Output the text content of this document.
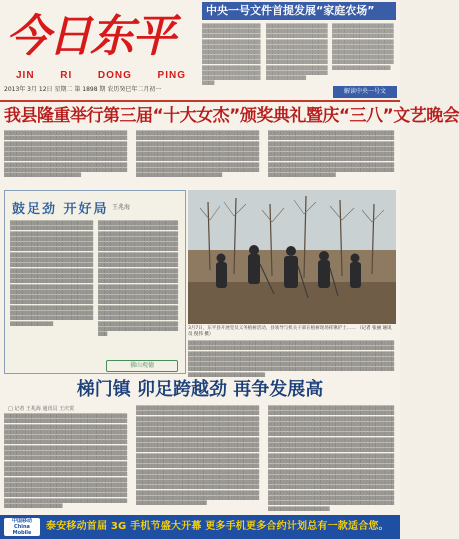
今日东平
JIN	RI	DONG	PING
2013年 3月 12日 星期二 第 1898 期 农历癸巳年二月初一
中央一号文件首提发展“家庭农场”
▒▒▒▒▒▒▒▒▒▒▒▒▒▒▒▒▒▒▒▒▒▒▒▒▒▒▒▒▒▒▒▒▒▒▒▒▒▒▒▒▒▒▒▒▒▒▒▒▒▒▒▒▒▒▒▒▒▒▒▒▒▒▒▒▒▒▒▒▒▒▒▒▒▒▒▒▒▒▒▒▒▒▒▒▒▒▒▒▒▒▒▒▒▒▒▒▒▒▒▒▒▒▒▒▒▒▒▒▒▒▒▒▒▒▒▒▒▒▒▒▒▒▒▒▒▒▒▒▒▒▒▒▒▒▒▒▒▒▒▒▒▒▒▒▒▒▒▒▒▒▒▒▒▒▒▒▒▒▒▒▒▒▒▒▒▒▒▒▒▒▒▒▒▒▒▒▒▒▒▒▒▒▒▒▒▒▒▒▒▒▒▒▒▒▒▒▒▒▒▒▒▒▒▒▒▒▒▒▒▒▒▒▒
▒▒▒▒▒▒▒▒▒▒▒▒▒▒▒▒▒▒▒▒▒▒▒▒▒▒▒▒▒▒▒▒▒▒▒▒▒▒▒▒▒▒▒▒▒▒▒▒▒▒▒▒▒▒▒▒▒▒▒▒▒▒▒▒▒▒▒▒▒▒▒▒▒▒▒▒▒▒▒▒▒▒▒▒▒▒▒▒▒▒▒▒▒▒▒▒▒▒▒▒▒▒▒▒▒▒▒▒▒▒▒▒▒▒▒▒▒▒▒▒▒▒▒▒▒▒▒▒▒▒▒▒▒▒▒▒▒▒▒▒▒▒▒▒▒▒▒▒▒▒▒▒▒▒▒▒▒▒▒▒▒▒▒▒▒▒▒▒▒▒▒▒▒▒▒▒▒▒▒▒▒▒▒▒▒▒▒▒▒▒▒▒▒▒▒▒▒▒▒▒▒▒▒▒▒▒▒▒▒▒▒▒▒
▒▒▒▒▒▒▒▒▒▒▒▒▒▒▒▒▒▒▒▒▒▒▒▒▒▒▒▒▒▒▒▒▒▒▒▒▒▒▒▒▒▒▒▒▒▒▒▒▒▒▒▒▒▒▒▒▒▒▒▒▒▒▒▒▒▒▒▒▒▒▒▒▒▒▒▒▒▒▒▒▒▒▒▒▒▒▒▒▒▒▒▒▒▒▒▒▒▒▒▒▒▒▒▒▒▒▒▒▒▒▒▒▒▒▒▒▒▒▒▒▒▒▒▒▒▒▒▒▒▒▒▒▒▒▒▒▒▒▒▒▒▒▒▒▒▒▒▒▒▒▒▒▒▒▒▒▒▒▒▒▒▒▒▒▒▒▒▒▒▒▒▒▒▒▒▒▒▒▒
解读中央一号文
我县隆重举行第三届“十大女杰”颁奖典礼暨庆“三八”文艺晚会
▒▒▒▒▒▒▒▒▒▒▒▒▒▒▒▒▒▒▒▒▒▒▒▒▒▒▒▒▒▒▒▒▒▒▒▒▒▒▒▒▒▒▒▒▒▒▒▒▒▒▒▒▒▒▒▒▒▒▒▒▒▒▒▒▒▒▒▒▒▒▒▒▒▒▒▒▒▒▒▒▒▒▒▒▒▒▒▒▒▒▒▒▒▒▒▒▒▒▒▒▒▒▒▒▒▒▒▒▒▒▒▒▒▒▒▒▒▒▒▒▒▒▒▒▒▒▒▒▒▒▒▒▒▒▒▒▒▒▒▒▒▒▒▒▒▒▒▒▒▒▒▒▒▒▒▒▒▒▒▒▒▒▒▒▒▒▒▒▒▒▒▒▒▒▒▒▒▒▒▒▒▒▒▒▒▒▒▒▒▒▒▒▒▒▒▒▒▒▒▒▒▒▒▒▒▒▒▒▒▒▒▒▒▒▒▒▒▒▒▒▒▒▒▒▒▒▒▒▒▒▒▒▒▒▒▒▒▒▒▒▒▒▒▒▒▒▒▒▒▒▒▒▒▒▒▒▒▒▒▒▒▒▒▒▒▒▒▒▒▒▒▒▒▒▒▒▒▒▒▒▒▒▒▒▒▒▒▒▒▒▒▒▒▒▒▒▒▒▒▒▒▒▒▒▒▒▒▒▒▒▒▒▒▒▒▒▒▒▒▒▒▒▒▒▒▒▒▒▒▒▒▒▒▒▒▒▒▒▒▒▒▒▒▒▒
▒▒▒▒▒▒▒▒▒▒▒▒▒▒▒▒▒▒▒▒▒▒▒▒▒▒▒▒▒▒▒▒▒▒▒▒▒▒▒▒▒▒▒▒▒▒▒▒▒▒▒▒▒▒▒▒▒▒▒▒▒▒▒▒▒▒▒▒▒▒▒▒▒▒▒▒▒▒▒▒▒▒▒▒▒▒▒▒▒▒▒▒▒▒▒▒▒▒▒▒▒▒▒▒▒▒▒▒▒▒▒▒▒▒▒▒▒▒▒▒▒▒▒▒▒▒▒▒▒▒▒▒▒▒▒▒▒▒▒▒▒▒▒▒▒▒▒▒▒▒▒▒▒▒▒▒▒▒▒▒▒▒▒▒▒▒▒▒▒▒▒▒▒▒▒▒▒▒▒▒▒▒▒▒▒▒▒▒▒▒▒▒▒▒▒▒▒▒▒▒▒▒▒▒▒▒▒▒▒▒▒▒▒▒▒▒▒▒▒▒▒▒▒▒▒▒▒▒▒▒▒▒▒▒▒▒▒▒▒▒▒▒▒▒▒▒▒▒▒▒▒▒▒▒▒▒▒▒▒▒▒▒▒▒▒▒▒▒▒▒▒▒▒▒▒▒▒▒▒▒▒▒▒▒▒▒▒▒▒▒▒▒▒▒▒▒▒▒▒▒▒▒▒▒▒▒▒▒▒▒▒▒▒▒▒▒▒▒▒▒▒▒▒▒▒▒▒▒▒▒▒▒▒▒▒▒▒▒▒▒▒▒▒▒▒▒▒▒
▒▒▒▒▒▒▒▒▒▒▒▒▒▒▒▒▒▒▒▒▒▒▒▒▒▒▒▒▒▒▒▒▒▒▒▒▒▒▒▒▒▒▒▒▒▒▒▒▒▒▒▒▒▒▒▒▒▒▒▒▒▒▒▒▒▒▒▒▒▒▒▒▒▒▒▒▒▒▒▒▒▒▒▒▒▒▒▒▒▒▒▒▒▒▒▒▒▒▒▒▒▒▒▒▒▒▒▒▒▒▒▒▒▒▒▒▒▒▒▒▒▒▒▒▒▒▒▒▒▒▒▒▒▒▒▒▒▒▒▒▒▒▒▒▒▒▒▒▒▒▒▒▒▒▒▒▒▒▒▒▒▒▒▒▒▒▒▒▒▒▒▒▒▒▒▒▒▒▒▒▒▒▒▒▒▒▒▒▒▒▒▒▒▒▒▒▒▒▒▒▒▒▒▒▒▒▒▒▒▒▒▒▒▒▒▒▒▒▒▒▒▒▒▒▒▒▒▒▒▒▒▒▒▒▒▒▒▒▒▒▒▒▒▒▒▒▒▒▒▒▒▒▒▒▒▒▒▒▒▒▒▒▒▒▒▒▒▒▒▒▒▒▒▒▒▒▒▒▒▒▒▒▒▒▒▒▒▒▒▒▒▒▒▒▒▒▒▒▒▒▒▒▒▒▒▒▒▒▒▒▒▒▒▒▒▒▒▒▒▒▒▒▒▒▒▒▒▒▒▒▒▒▒▒▒▒▒▒▒▒▒▒▒▒▒▒▒▒▒▒
鼓足劲 开好局 王兆海
▒▒▒▒▒▒▒▒▒▒▒▒▒▒▒▒▒▒▒▒▒▒▒▒▒▒▒▒▒▒▒▒▒▒▒▒▒▒▒▒▒▒▒▒▒▒▒▒▒▒▒▒▒▒▒▒▒▒▒▒▒▒▒▒▒▒▒▒▒▒▒▒▒▒▒▒▒▒▒▒▒▒▒▒▒▒▒▒▒▒▒▒▒▒▒▒▒▒▒▒▒▒▒▒▒▒▒▒▒▒▒▒▒▒▒▒▒▒▒▒▒▒▒▒▒▒▒▒▒▒▒▒▒▒▒▒▒▒▒▒▒▒▒▒▒▒▒▒▒▒▒▒▒▒▒▒▒▒▒▒▒▒▒▒▒▒▒▒▒▒▒▒▒▒▒▒▒▒▒▒▒▒▒▒▒▒▒▒▒▒▒▒▒▒▒▒▒▒▒▒▒▒▒▒▒▒▒▒▒▒▒▒▒▒▒▒▒▒▒▒▒▒▒▒▒▒▒▒▒▒▒▒▒▒▒▒▒▒▒▒▒▒▒▒▒▒▒▒▒▒▒▒▒▒▒▒▒▒▒▒▒▒▒▒▒▒▒▒▒▒▒▒▒▒▒▒▒▒▒▒▒▒▒▒▒▒▒▒▒▒▒▒▒▒▒▒▒▒▒▒▒▒▒▒▒▒▒▒▒▒▒▒▒▒▒▒▒▒▒▒▒▒▒▒▒▒▒▒▒▒▒▒▒▒▒▒▒▒▒▒▒▒▒▒▒▒▒▒▒▒▒▒▒▒▒▒▒▒▒▒▒▒▒▒▒▒▒▒▒▒▒▒▒▒▒▒▒▒▒▒▒▒▒▒▒▒▒▒▒▒▒▒▒▒▒▒▒▒▒▒▒▒▒▒▒▒▒▒▒▒▒▒▒▒▒▒▒▒▒▒▒▒▒▒▒▒▒▒▒▒▒▒▒▒▒▒▒▒▒▒▒▒▒▒▒▒▒▒▒▒▒▒▒▒▒▒▒▒▒▒▒▒▒▒▒▒▒▒▒▒▒▒▒▒▒▒▒▒▒▒▒▒▒▒▒▒▒▒▒▒▒▒▒▒▒▒▒▒▒▒▒▒▒▒▒▒▒▒▒▒▒▒▒▒▒▒▒▒▒▒▒▒▒▒▒▒▒
▒▒▒▒▒▒▒▒▒▒▒▒▒▒▒▒▒▒▒▒▒▒▒▒▒▒▒▒▒▒▒▒▒▒▒▒▒▒▒▒▒▒▒▒▒▒▒▒▒▒▒▒▒▒▒▒▒▒▒▒▒▒▒▒▒▒▒▒▒▒▒▒▒▒▒▒▒▒▒▒▒▒▒▒▒▒▒▒▒▒▒▒▒▒▒▒▒▒▒▒▒▒▒▒▒▒▒▒▒▒▒▒▒▒▒▒▒▒▒▒▒▒▒▒▒▒▒▒▒▒▒▒▒▒▒▒▒▒▒▒▒▒▒▒▒▒▒▒▒▒▒▒▒▒▒▒▒▒▒▒▒▒▒▒▒▒▒▒▒▒▒▒▒▒▒▒▒▒▒▒▒▒▒▒▒▒▒▒▒▒▒▒▒▒▒▒▒▒▒▒▒▒▒▒▒▒▒▒▒▒▒▒▒▒▒▒▒▒▒▒▒▒▒▒▒▒▒▒▒▒▒▒▒▒▒▒▒▒▒▒▒▒▒▒▒▒▒▒▒▒▒▒▒▒▒▒▒▒▒▒▒▒▒▒▒▒▒▒▒▒▒▒▒▒▒▒▒▒▒▒▒▒▒▒▒▒▒▒▒▒▒▒▒▒▒▒▒▒▒▒▒▒▒▒▒▒▒▒▒▒▒▒▒▒▒▒▒▒▒▒▒▒▒▒▒▒▒▒▒▒▒▒▒▒▒▒▒▒▒▒▒▒▒▒▒▒▒▒▒▒▒▒▒▒▒▒▒▒▒▒▒▒▒▒▒▒▒▒▒▒▒▒▒▒▒▒▒▒▒▒▒▒▒▒▒▒▒▒▒▒▒▒▒▒▒▒▒▒▒▒▒▒▒▒▒▒▒▒▒▒▒▒▒▒▒▒▒▒▒▒▒▒▒▒▒▒▒▒▒▒▒▒▒▒▒▒▒▒▒▒▒▒▒▒▒▒▒▒▒▒▒▒▒▒▒▒▒▒▒▒▒▒▒▒▒▒▒▒▒▒▒▒▒▒▒▒▒▒▒▒▒▒▒▒▒▒▒▒▒▒▒▒▒▒▒▒▒▒▒▒▒▒▒▒▒▒▒▒▒▒▒▒▒▒▒▒▒▒▒▒▒▒▒▒▒▒▒▒▒▒▒▒▒▒▒▒▒▒▒▒▒▒▒▒▒▒▒▒▒
佛山观德
3月7日，东平县开展党员义务植树活动，县领导与机关干部在植树现场挥锹铲土…… （记者 张丽 通讯员 倪伟 摄）
▒▒▒▒▒▒▒▒▒▒▒▒▒▒▒▒▒▒▒▒▒▒▒▒▒▒▒▒▒▒▒▒▒▒▒▒▒▒▒▒▒▒▒▒▒▒▒▒▒▒▒▒▒▒▒▒▒▒▒▒▒▒▒▒▒▒▒▒▒▒▒▒▒▒▒▒▒▒▒▒▒▒▒▒▒▒▒▒▒▒▒▒▒▒▒▒▒▒▒▒▒▒▒▒▒▒▒▒▒▒▒▒▒▒▒▒▒▒▒▒▒▒▒▒▒▒▒▒▒▒▒▒▒▒▒▒▒▒▒▒▒▒▒▒▒▒▒▒▒▒▒▒▒▒▒▒▒▒▒▒▒▒▒▒▒▒▒▒▒▒▒▒▒▒▒▒▒▒▒▒▒▒▒▒▒▒▒▒▒▒▒▒▒▒▒▒▒▒▒▒▒▒▒▒▒▒▒▒▒▒▒▒▒▒▒▒▒▒▒▒▒▒▒▒▒▒▒▒▒▒▒▒▒▒▒▒▒▒▒▒▒▒▒▒▒▒▒▒▒▒▒▒▒▒▒▒▒▒▒▒▒▒▒▒▒▒▒▒▒▒▒▒▒▒▒▒▒▒▒▒▒▒▒▒▒▒▒▒▒▒▒▒▒▒▒▒▒▒▒▒▒▒▒▒▒▒▒▒▒▒▒▒▒▒▒▒▒▒▒▒▒▒▒▒▒▒▒▒▒▒▒▒▒▒▒▒▒▒▒▒▒▒▒▒▒▒▒▒▒▒▒▒▒▒▒▒▒▒▒▒▒▒▒▒▒▒▒▒▒▒▒▒▒▒▒▒▒▒▒▒▒▒▒▒▒▒▒▒▒▒▒▒▒▒▒▒▒▒▒▒▒▒▒▒▒▒▒▒▒▒▒▒▒▒▒▒▒▒▒▒▒▒▒▒▒▒▒
梯门镇 卯足跨越劲 再争发展高
□ 记者 王兆海 通讯员 王庆贺
▒▒▒▒▒▒▒▒▒▒▒▒▒▒▒▒▒▒▒▒▒▒▒▒▒▒▒▒▒▒▒▒▒▒▒▒▒▒▒▒▒▒▒▒▒▒▒▒▒▒▒▒▒▒▒▒▒▒▒▒▒▒▒▒▒▒▒▒▒▒▒▒▒▒▒▒▒▒▒▒▒▒▒▒▒▒▒▒▒▒▒▒▒▒▒▒▒▒▒▒▒▒▒▒▒▒▒▒▒▒▒▒▒▒▒▒▒▒▒▒▒▒▒▒▒▒▒▒▒▒▒▒▒▒▒▒▒▒▒▒▒▒▒▒▒▒▒▒▒▒▒▒▒▒▒▒▒▒▒▒▒▒▒▒▒▒▒▒▒▒▒▒▒▒▒▒▒▒▒▒▒▒▒▒▒▒▒▒▒▒▒▒▒▒▒▒▒▒▒▒▒▒▒▒▒▒▒▒▒▒▒▒▒▒▒▒▒▒▒▒▒▒▒▒▒▒▒▒▒▒▒▒▒▒▒▒▒▒▒▒▒▒▒▒▒▒▒▒▒▒▒▒▒▒▒▒▒▒▒▒▒▒▒▒▒▒▒▒▒▒▒▒▒▒▒▒▒▒▒▒▒▒▒▒▒▒▒▒▒▒▒▒▒▒▒▒▒▒▒▒▒▒▒▒▒▒▒▒▒▒▒▒▒▒▒▒▒▒▒▒▒▒▒▒▒▒▒▒▒▒▒▒▒▒▒▒▒▒▒▒▒▒▒▒▒▒▒▒▒▒▒▒▒▒▒▒▒▒▒▒▒▒▒▒▒▒▒▒▒▒▒▒▒▒▒▒▒▒▒▒▒▒▒▒▒▒▒▒▒▒▒▒▒▒▒▒▒▒▒▒▒▒▒▒▒▒▒▒▒▒▒▒▒▒▒▒▒▒▒▒▒▒▒▒▒▒▒▒▒▒▒▒▒▒▒▒▒▒▒▒▒▒▒▒▒▒▒▒▒▒▒▒▒▒▒▒▒▒▒▒▒▒▒▒▒▒▒▒▒▒▒▒▒▒▒▒▒▒▒▒▒▒▒▒▒▒▒▒▒▒▒▒▒▒▒▒▒▒▒▒▒▒▒▒▒▒▒▒▒▒▒▒▒▒▒▒▒▒▒▒▒▒▒▒▒▒▒▒▒▒▒▒▒▒▒▒▒▒▒▒▒▒▒▒▒▒▒▒▒▒▒▒▒▒▒▒▒▒▒▒▒▒▒▒▒▒▒▒▒▒▒▒▒▒▒▒▒▒▒▒▒▒▒▒▒▒▒▒▒▒▒▒▒▒▒▒▒▒▒▒▒▒▒▒▒▒▒▒▒▒▒▒▒▒▒▒▒▒▒▒▒▒▒▒▒▒▒▒▒▒▒▒▒▒▒▒▒▒▒▒▒▒▒▒▒▒▒▒▒▒▒▒▒▒▒▒▒▒▒▒▒▒▒▒▒▒▒▒▒▒▒▒▒▒▒▒▒▒▒▒▒▒▒▒▒▒▒▒▒▒▒▒▒▒▒▒▒▒▒
▒▒▒▒▒▒▒▒▒▒▒▒▒▒▒▒▒▒▒▒▒▒▒▒▒▒▒▒▒▒▒▒▒▒▒▒▒▒▒▒▒▒▒▒▒▒▒▒▒▒▒▒▒▒▒▒▒▒▒▒▒▒▒▒▒▒▒▒▒▒▒▒▒▒▒▒▒▒▒▒▒▒▒▒▒▒▒▒▒▒▒▒▒▒▒▒▒▒▒▒▒▒▒▒▒▒▒▒▒▒▒▒▒▒▒▒▒▒▒▒▒▒▒▒▒▒▒▒▒▒▒▒▒▒▒▒▒▒▒▒▒▒▒▒▒▒▒▒▒▒▒▒▒▒▒▒▒▒▒▒▒▒▒▒▒▒▒▒▒▒▒▒▒▒▒▒▒▒▒▒▒▒▒▒▒▒▒▒▒▒▒▒▒▒▒▒▒▒▒▒▒▒▒▒▒▒▒▒▒▒▒▒▒▒▒▒▒▒▒▒▒▒▒▒▒▒▒▒▒▒▒▒▒▒▒▒▒▒▒▒▒▒▒▒▒▒▒▒▒▒▒▒▒▒▒▒▒▒▒▒▒▒▒▒▒▒▒▒▒▒▒▒▒▒▒▒▒▒▒▒▒▒▒▒▒▒▒▒▒▒▒▒▒▒▒▒▒▒▒▒▒▒▒▒▒▒▒▒▒▒▒▒▒▒▒▒▒▒▒▒▒▒▒▒▒▒▒▒▒▒▒▒▒▒▒▒▒▒▒▒▒▒▒▒▒▒▒▒▒▒▒▒▒▒▒▒▒▒▒▒▒▒▒▒▒▒▒▒▒▒▒▒▒▒▒▒▒▒▒▒▒▒▒▒▒▒▒▒▒▒▒▒▒▒▒▒▒▒▒▒▒▒▒▒▒▒▒▒▒▒▒▒▒▒▒▒▒▒▒▒▒▒▒▒▒▒▒▒▒▒▒▒▒▒▒▒▒▒▒▒▒▒▒▒▒▒▒▒▒▒▒▒▒▒▒▒▒▒▒▒▒▒▒▒▒▒▒▒▒▒▒▒▒▒▒▒▒▒▒▒▒▒▒▒▒▒▒▒▒▒▒▒▒▒▒▒▒▒▒▒▒▒▒▒▒▒▒▒▒▒▒▒▒▒▒▒▒▒▒▒▒▒▒▒▒▒▒▒▒▒▒▒▒▒▒▒▒▒▒▒▒▒▒▒▒▒▒▒▒▒▒▒▒▒▒▒▒▒▒▒▒▒▒▒▒▒▒▒▒▒▒▒▒▒▒▒▒▒▒▒▒▒▒▒▒▒▒▒▒▒▒▒▒▒▒▒▒▒▒▒▒▒▒▒▒▒▒▒▒▒▒▒▒▒▒▒▒▒▒▒▒▒▒▒▒▒▒▒▒▒▒▒▒▒▒▒▒▒▒▒▒▒▒▒▒▒▒▒▒▒▒▒▒▒▒▒▒▒▒▒▒▒▒▒▒▒▒▒▒▒▒▒▒▒▒▒▒▒▒▒▒▒▒▒▒▒▒▒▒▒▒▒▒▒▒▒▒▒▒▒▒▒▒▒▒▒▒▒▒▒▒▒▒▒▒▒▒▒▒▒▒▒▒▒▒▒▒▒▒▒▒▒▒▒▒▒▒▒▒▒▒▒▒
▒▒▒▒▒▒▒▒▒▒▒▒▒▒▒▒▒▒▒▒▒▒▒▒▒▒▒▒▒▒▒▒▒▒▒▒▒▒▒▒▒▒▒▒▒▒▒▒▒▒▒▒▒▒▒▒▒▒▒▒▒▒▒▒▒▒▒▒▒▒▒▒▒▒▒▒▒▒▒▒▒▒▒▒▒▒▒▒▒▒▒▒▒▒▒▒▒▒▒▒▒▒▒▒▒▒▒▒▒▒▒▒▒▒▒▒▒▒▒▒▒▒▒▒▒▒▒▒▒▒▒▒▒▒▒▒▒▒▒▒▒▒▒▒▒▒▒▒▒▒▒▒▒▒▒▒▒▒▒▒▒▒▒▒▒▒▒▒▒▒▒▒▒▒▒▒▒▒▒▒▒▒▒▒▒▒▒▒▒▒▒▒▒▒▒▒▒▒▒▒▒▒▒▒▒▒▒▒▒▒▒▒▒▒▒▒▒▒▒▒▒▒▒▒▒▒▒▒▒▒▒▒▒▒▒▒▒▒▒▒▒▒▒▒▒▒▒▒▒▒▒▒▒▒▒▒▒▒▒▒▒▒▒▒▒▒▒▒▒▒▒▒▒▒▒▒▒▒▒▒▒▒▒▒▒▒▒▒▒▒▒▒▒▒▒▒▒▒▒▒▒▒▒▒▒▒▒▒▒▒▒▒▒▒▒▒▒▒▒▒▒▒▒▒▒▒▒▒▒▒▒▒▒▒▒▒▒▒▒▒▒▒▒▒▒▒▒▒▒▒▒▒▒▒▒▒▒▒▒▒▒▒▒▒▒▒▒▒▒▒▒▒▒▒▒▒▒▒▒▒▒▒▒▒▒▒▒▒▒▒▒▒▒▒▒▒▒▒▒▒▒▒▒▒▒▒▒▒▒▒▒▒▒▒▒▒▒▒▒▒▒▒▒▒▒▒▒▒▒▒▒▒▒▒▒▒▒▒▒▒▒▒▒▒▒▒▒▒▒▒▒▒▒▒▒▒▒▒▒▒▒▒▒▒▒▒▒▒▒▒▒▒▒▒▒▒▒▒▒▒▒▒▒▒▒▒▒▒▒▒▒▒▒▒▒▒▒▒▒▒▒▒▒▒▒▒▒▒▒▒▒▒▒▒▒▒▒▒▒▒▒▒▒▒▒▒▒▒▒▒▒▒▒▒▒▒▒▒▒▒▒▒▒▒▒▒▒▒▒▒▒▒▒▒▒▒▒▒▒▒▒▒▒▒▒▒▒▒▒▒▒▒▒▒▒▒▒▒▒▒▒▒▒▒▒▒▒▒▒▒▒▒▒▒▒▒▒▒▒▒▒▒▒▒▒▒▒▒▒▒▒▒▒▒▒▒▒▒▒▒▒▒▒▒▒▒▒▒▒▒▒▒▒▒▒▒▒▒▒▒▒▒▒▒▒▒▒▒▒▒▒▒▒▒▒▒▒▒▒▒▒▒▒▒▒▒▒▒▒▒▒▒▒▒▒▒▒▒▒▒▒▒▒▒▒▒▒▒▒▒▒▒▒▒▒▒▒▒▒▒▒▒▒▒▒▒▒▒▒▒▒▒▒▒▒▒▒▒▒▒▒▒▒▒▒▒▒▒▒▒▒▒▒▒▒▒▒▒▒▒▒▒▒▒▒▒▒▒▒▒▒▒▒▒▒▒▒▒▒▒▒▒▒▒▒▒▒▒▒▒▒▒▒▒▒▒▒▒▒▒▒▒▒▒▒▒▒▒▒▒▒▒▒▒▒▒▒▒▒
中国移动 China Mobile
泰安移动首届 3G 手机节盛大开幕 更多手机更多合约计划总有一款适合您。
